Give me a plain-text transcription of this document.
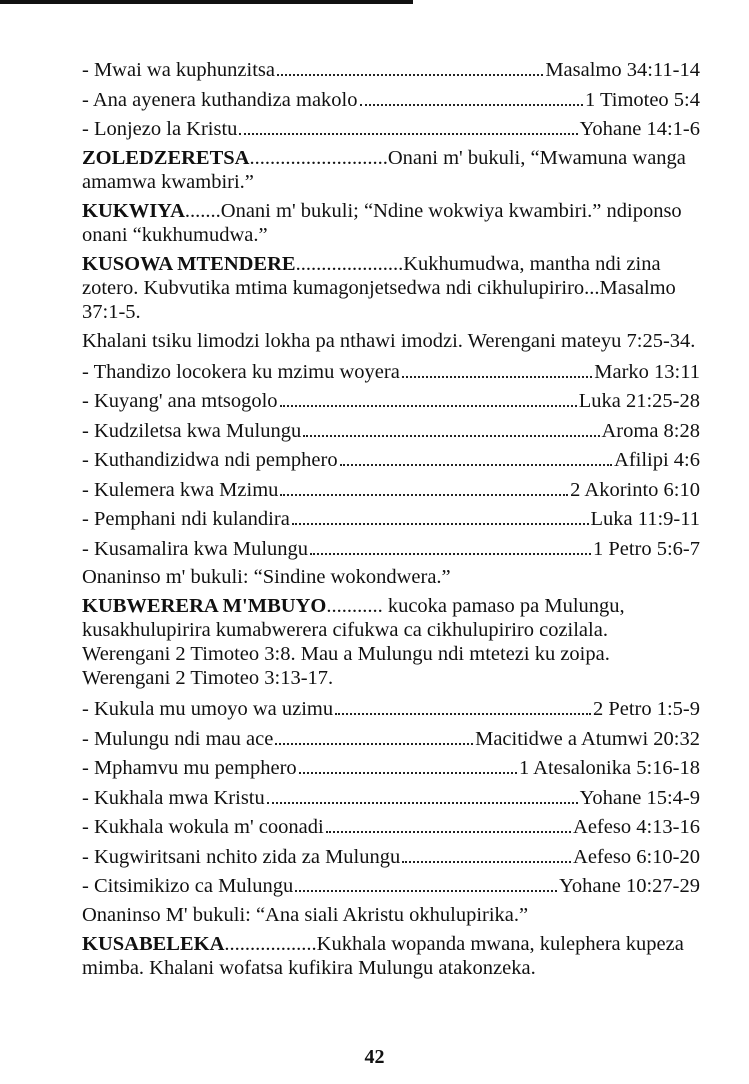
- Mwai wa kuphunzitsa	Masalmo 34:11-14
- Ana ayenera kuthandiza makolo	1 Timoteo 5:4
- Lonjezo la Kristu	Yohane 14:1-6
ZOLEDZERETSA...........................Onani m' bukuli, “Mwamuna wanga amamwa kwambiri.”
KUKWIYA.......Onani m' bukuli; “Ndine wokwiya kwambiri.” ndiponso onani “kukhumudwa.”
KUSOWA MTENDERE.....................Kukhumudwa, mantha ndi zina zotero. Kubvutika mtima kumagonjetsedwa ndi cikhulupiriro...Masalmo 37:1-5.
Khalani tsiku limodzi lokha pa nthawi imodzi. Werengani mateyu 7:25-34.
- Thandizo locokera ku mzimu woyera	Marko 13:11
- Kuyang' ana mtsogolo	Luka 21:25-28
- Kudziletsa kwa Mulungu	Aroma 8:28
- Kuthandizidwa ndi pemphero	Afilipi 4:6
- Kulemera kwa Mzimu	2 Akorinto 6:10
- Pemphani ndi kulandira	Luka 11:9-11
- Kusamalira kwa Mulungu	1 Petro 5:6-7
Onaninso m' bukuli: “Sindine wokondwera.”
KUBWERERA M'MBUYO........... kucoka pamaso pa Mulungu, kusakhulupirira kumabwerera cifukwa ca cikhulupiriro cozilala. Werengani 2 Timoteo 3:8. Mau a Mulungu ndi mtetezi ku zoipa. Werengani 2 Timoteo 3:13-17.
- Kukula mu umoyo wa uzimu	2 Petro 1:5-9
- Mulungu ndi mau ace	Macitidwe a Atumwi 20:32
- Mphamvu mu pemphero	1 Atesalonika 5:16-18
- Kukhala mwa Kristu	Yohane 15:4-9
- Kukhala wokula m' coonadi	Aefeso 4:13-16
- Kugwiritsani nchito zida za Mulungu	Aefeso 6:10-20
- Citsimikizo ca Mulungu	Yohane 10:27-29
Onaninso M' bukuli: “Ana siali Akristu okhulupirika.”
KUSABELEKA..................Kukhala wopanda mwana, kulephera kupeza mimba. Khalani wofatsa kufikira Mulungu atakonzeka.
42
